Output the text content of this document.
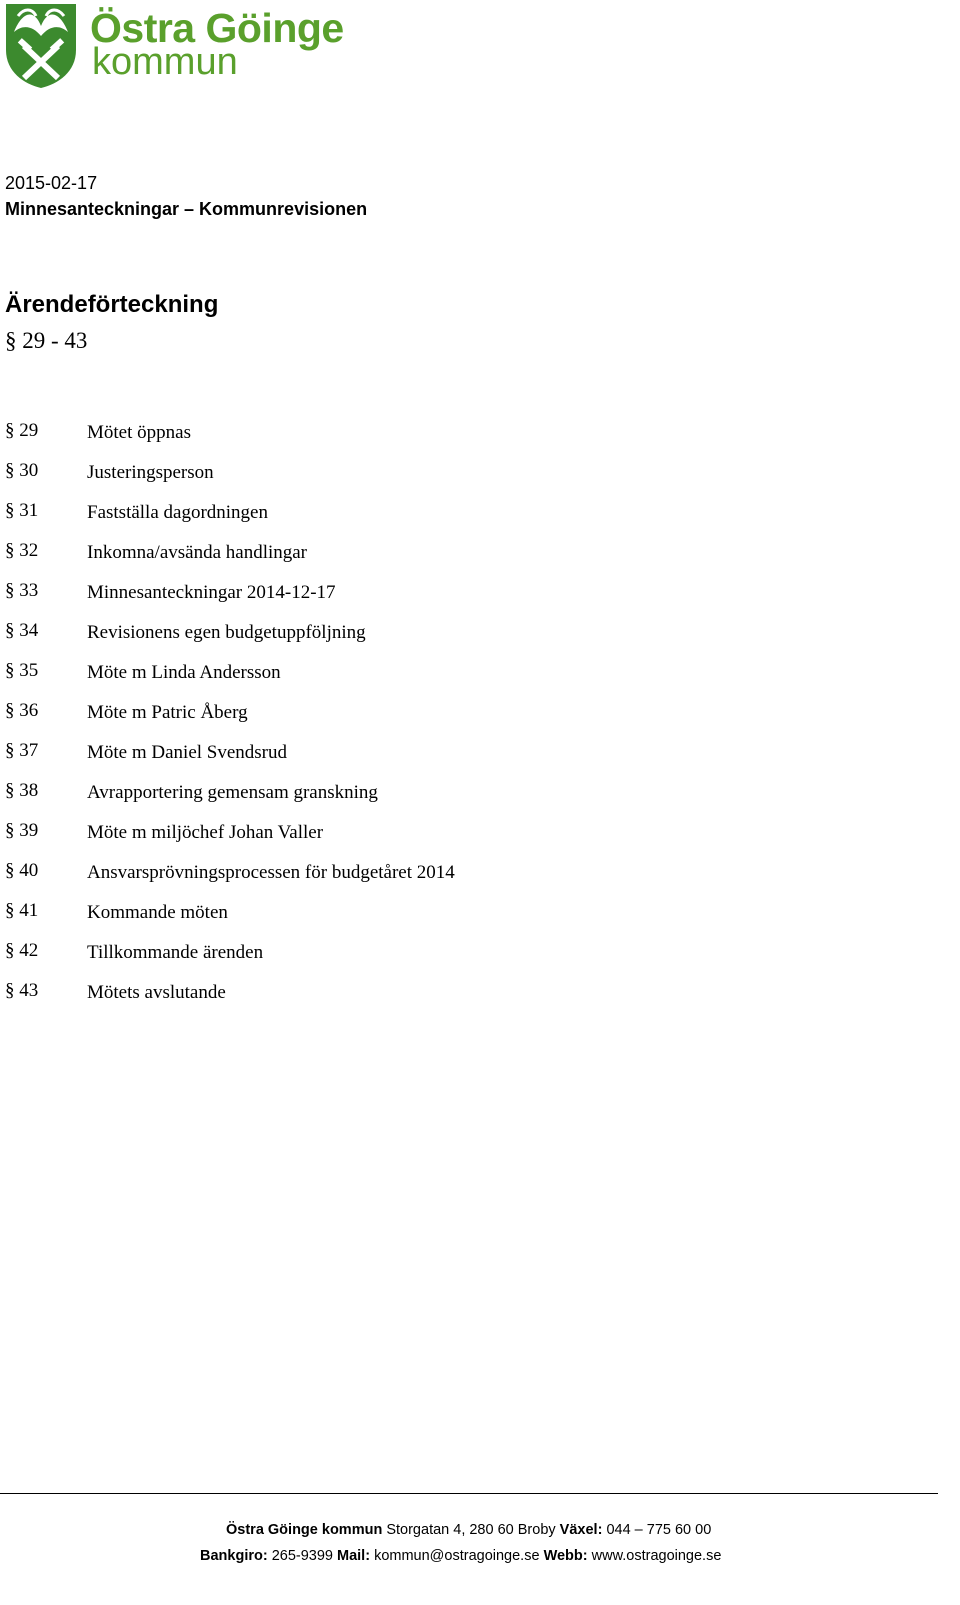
Östra Göinge
kommun
2015-02-17
Minnesanteckningar – Kommunrevisionen
Ärendeförteckning
§ 29 - 43
§ 29	Mötet öppnas
§ 30	Justeringsperson
§ 31	Fastställa dagordningen
§ 32	Inkomna/avsända handlingar
§ 33	Minnesanteckningar 2014-12-17
§ 34	Revisionens egen budgetuppföljning
§ 35	Möte m Linda Andersson
§ 36	Möte m Patric Åberg
§ 37	Möte m Daniel Svendsrud
§ 38	Avrapportering gemensam granskning
§ 39	Möte m miljöchef Johan Valler
§ 40	Ansvarsprövningsprocessen för budgetåret 2014
§ 41	Kommande möten
§ 42	Tillkommande ärenden
§ 43	Mötets avslutande
Östra Göinge kommun Storgatan 4, 280 60 Broby Växel: 044 – 775 60 00
Bankgiro: 265-9399 Mail: kommun@ostragoinge.se Webb: www.ostragoinge.se
